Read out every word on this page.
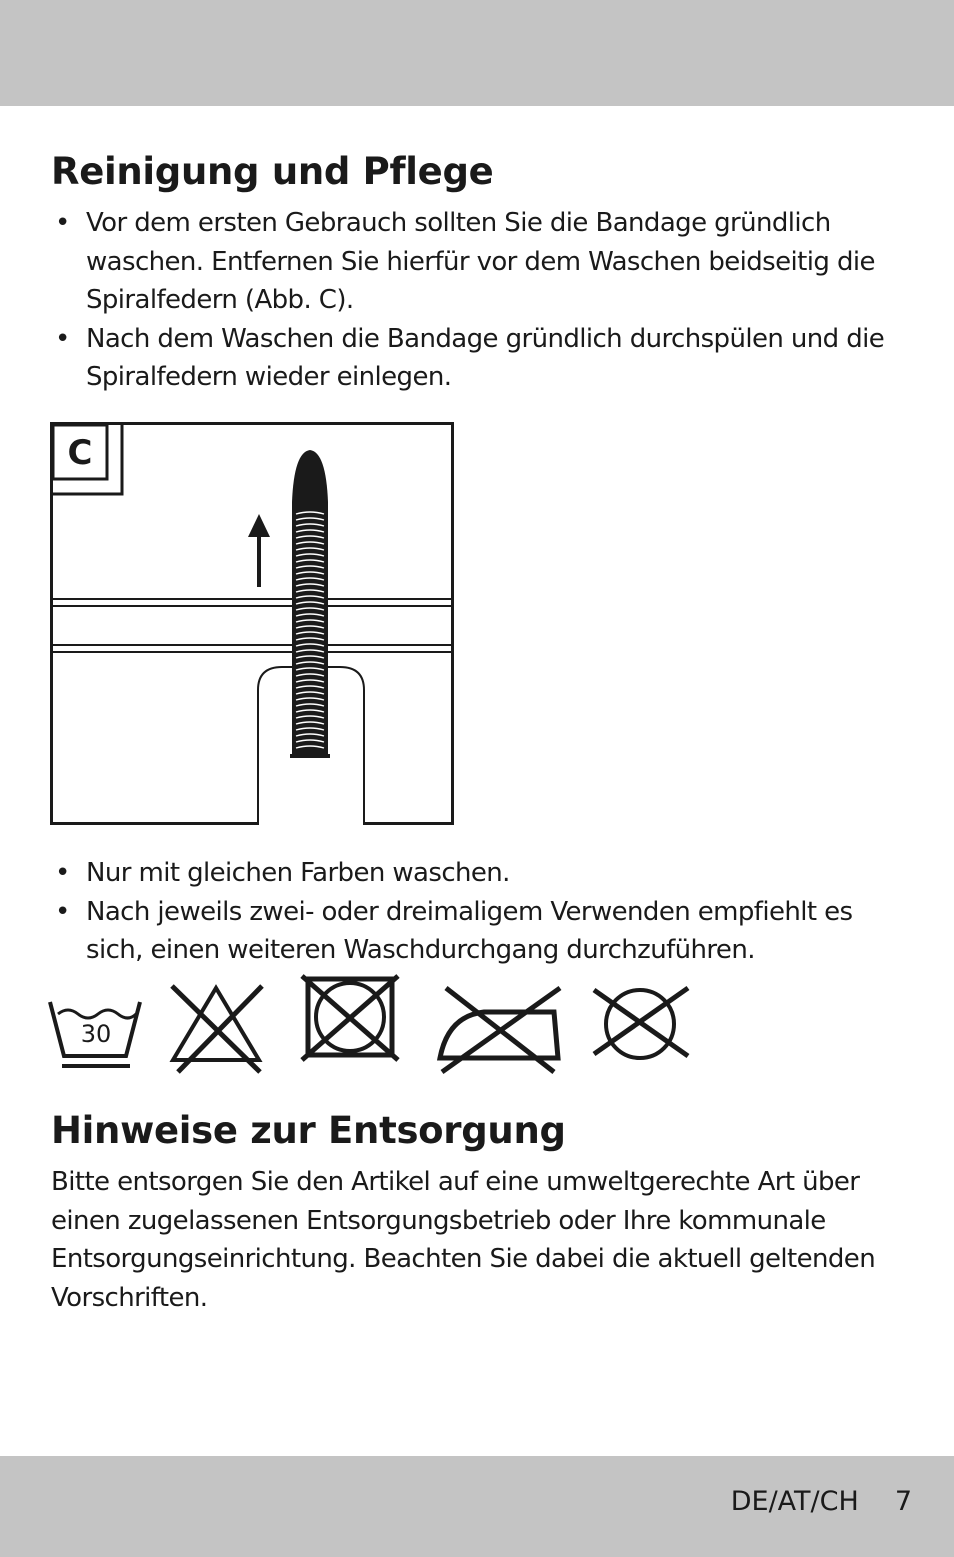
Reinigung und Pflege
• Vor dem ersten Gebrauch sollten Sie die Bandage gründlich waschen. Entfernen Sie hierfür vor dem Waschen beidseitig die Spiralfedern (Abb. C).
• Nach dem Waschen die Bandage gründlich durchspülen und die Spiralfedern wieder einlegen.
C
• Nur mit gleichen Farben waschen.
• Nach jeweils zwei- oder dreimaligem Verwenden empfiehlt es sich, einen weiteren Waschdurchgang durchzuführen.
30
Hinweise zur Entsorgung

Bitte entsorgen Sie den Artikel auf eine umweltgerechte Art über einen zugelassenen Entsorgungsbetrieb oder Ihre kommunale Entsorgungseinrichtung. Beachten Sie dabei die aktuell geltenden Vorschriften.

DE/AT/CH 7
